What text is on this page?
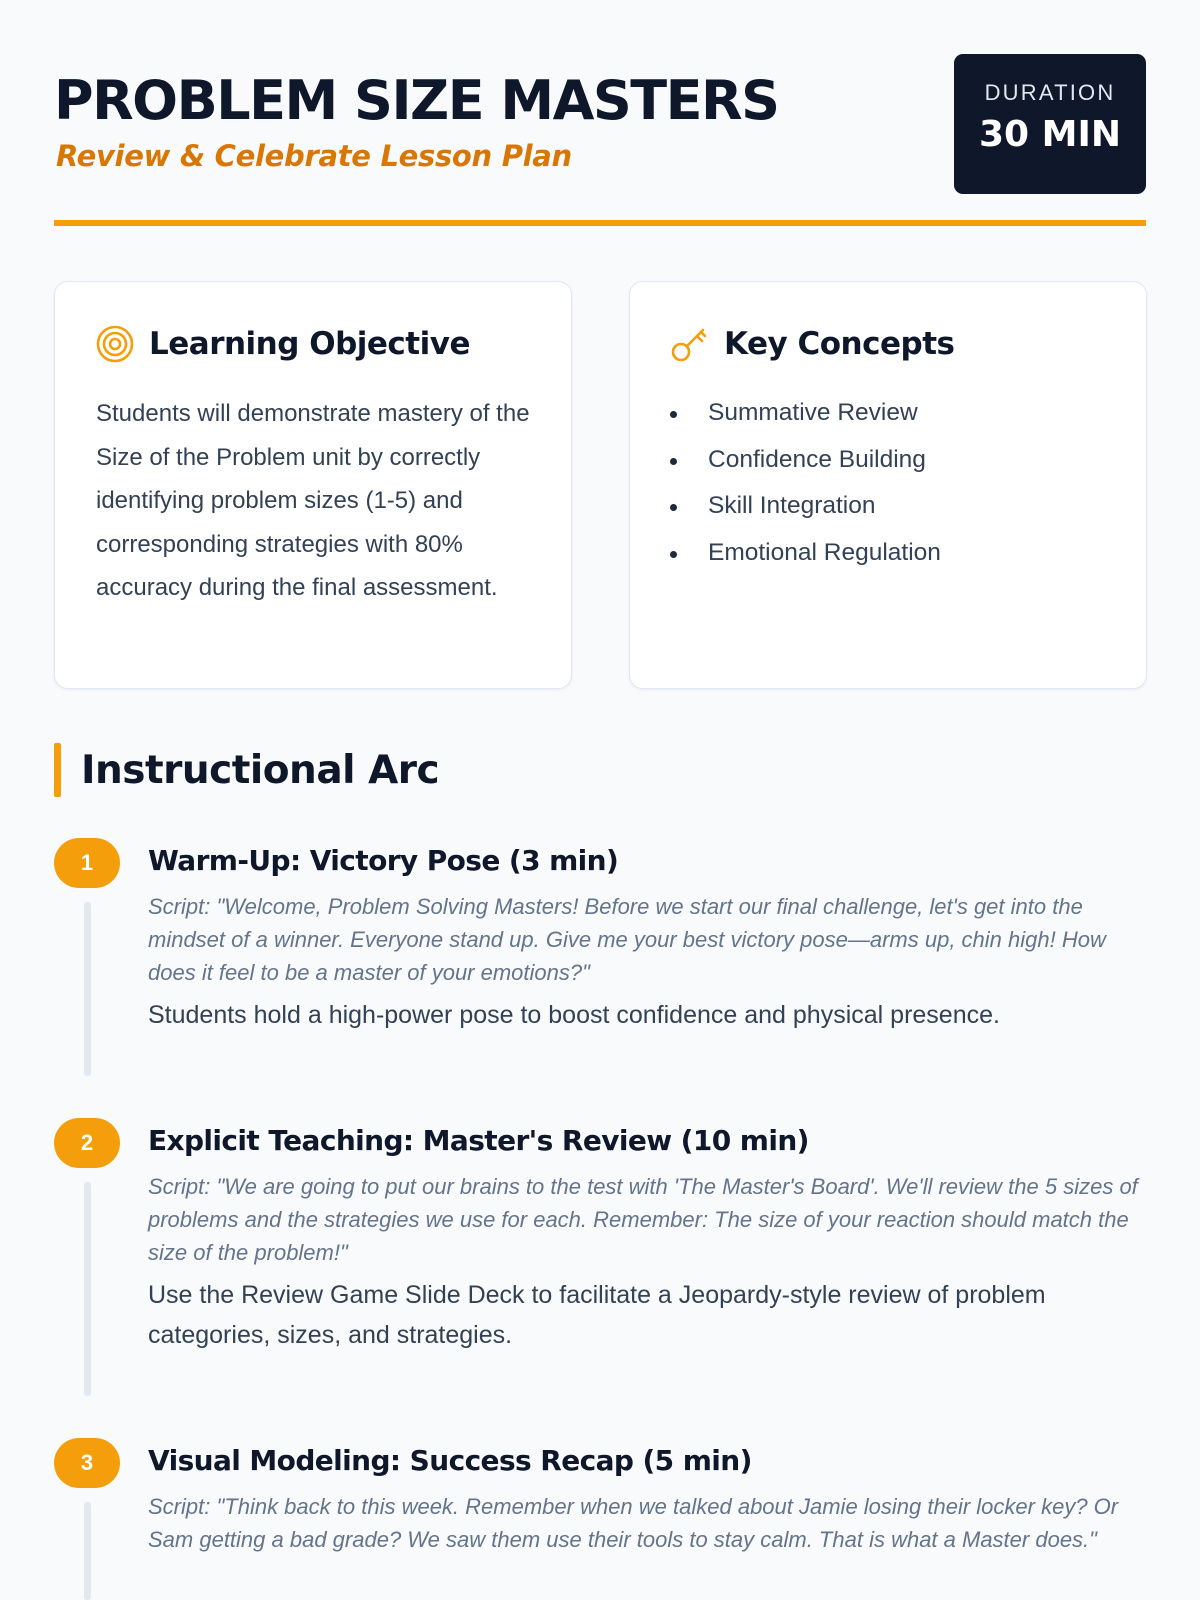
PROBLEM SIZE MASTERS
Review & Celebrate Lesson Plan
DURATION
30 MIN
Learning Objective

Students will demonstrate mastery of the Size of the Problem unit by correctly identifying problem sizes (1-5) and corresponding strategies with 80% accuracy during the final assessment.

Key Concepts
Summative Review
Confidence Building
Skill Integration
Emotional Regulation
Instructional Arc
1	Warm-Up: Victory Pose (3 min)

Script: "Welcome, Problem Solving Masters! Before we start our final challenge, let's get into the mindset of a winner. Everyone stand up. Give me your best victory pose—arms up, chin high! How does it feel to be a master of your emotions?"

Students hold a high-power pose to boost confidence and physical presence.

2	Explicit Teaching: Master's Review (10 min)

Script: "We are going to put our brains to the test with 'The Master's Board'. We'll review the 5 sizes of problems and the strategies we use for each. Remember: The size of your reaction should match the size of the problem!"

Use the Review Game Slide Deck to facilitate a Jeopardy-style review of problem categories, sizes, and strategies.

3	Visual Modeling: Success Recap (5 min)

Script: "Think back to this week. Remember when we talked about Jamie losing their locker key? Or Sam getting a bad grade? We saw them use their tools to stay calm. That is what a Master does."
